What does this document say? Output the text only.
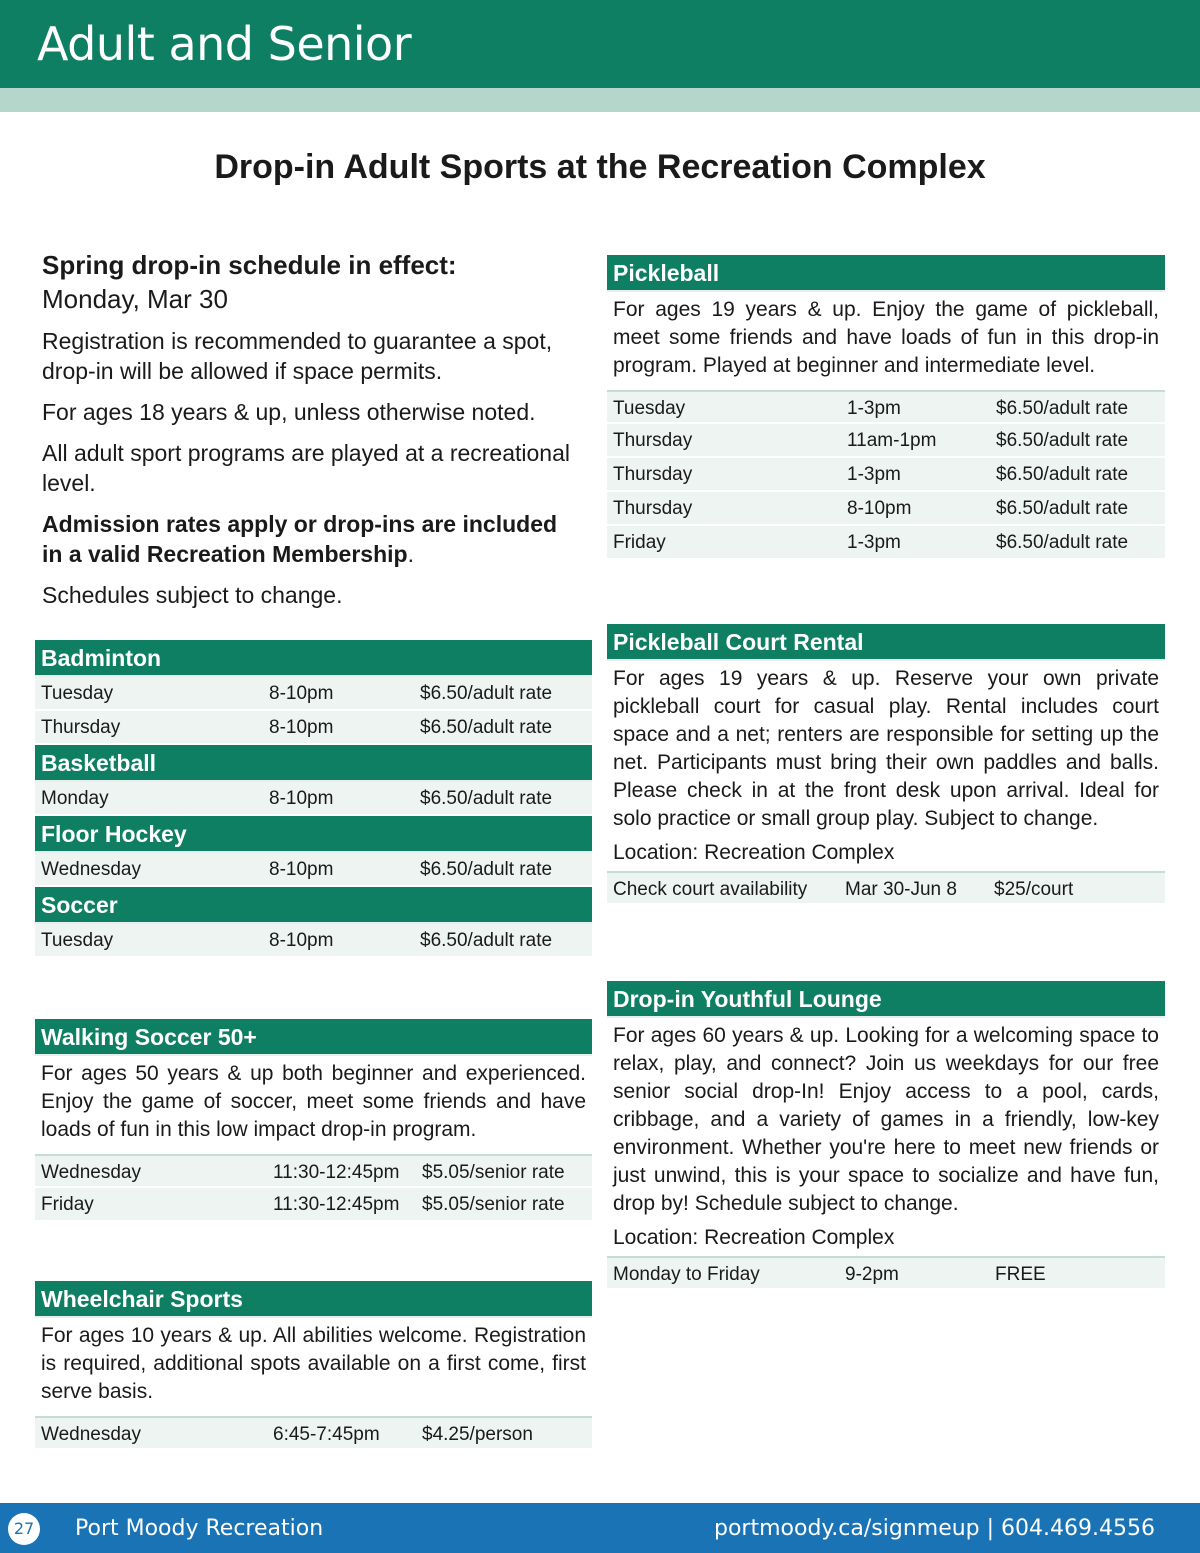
Adult and Senior
Drop-in Adult Sports at the Recreation Complex
Spring drop-in schedule in effect:
Monday, Mar 30

Registration is recommended to guarantee a spot, drop-in will be allowed if space permits.

For ages 18 years & up, unless otherwise noted.

All adult sport programs are played at a recreational level.

Admission rates apply or drop-ins are included in a valid Recreation Membership.

Schedules subject to change.

Badminton
Tuesday	8-10pm	$6.50/adult rate
Thursday	8-10pm	$6.50/adult rate
Basketball
Monday	8-10pm	$6.50/adult rate
Floor Hockey
Wednesday	8-10pm	$6.50/adult rate
Soccer
Tuesday	8-10pm	$6.50/adult rate
Walking Soccer 50+
For ages 50 years & up both beginner and experienced. Enjoy the game of soccer, meet some friends and have loads of fun in this low impact drop-in program.
Wednesday	11:30-12:45pm $5.05/senior rate
Friday	11:30-12:45pm $5.05/senior rate
Wheelchair Sports
For ages 10 years & up. All abilities welcome. Registration is required, additional spots available on a first come, first serve basis.
Wednesday	6:45-7:45pm $4.25/person
Pickleball
For ages 19 years & up. Enjoy the game of pickleball, meet some friends and have loads of fun in this drop-in program. Played at beginner and intermediate level.
Tuesday	1-3pm	$6.50/adult rate
Thursday	11am-1pm	$6.50/adult rate
Thursday	1-3pm	$6.50/adult rate
Thursday	8-10pm	$6.50/adult rate
Friday	1-3pm	$6.50/adult rate
Pickleball Court Rental
For ages 19 years & up. Reserve your own private pickleball court for casual play. Rental includes court space and a net; renters are responsible for setting up the net. Participants must bring their own paddles and balls. Please check in at the front desk upon arrival. Ideal for solo practice or small group play. Subject to change.
Location: Recreation Complex
Check court availability Mar 30-Jun 8 $25/court
Drop-in Youthful Lounge
For ages 60 years & up. Looking for a welcoming space to relax, play, and connect? Join us weekdays for our free senior social drop-In! Enjoy access to a pool, cards, cribbage, and a variety of games in a friendly, low-key environment. Whether you're here to meet new friends or just unwind, this is your space to socialize and have fun, drop by! Schedule subject to change.
Location: Recreation Complex
Monday to Friday	9-2pm	FREE
27 Port Moody Recreation	portmoody.ca/signmeup | 604.469.4556
